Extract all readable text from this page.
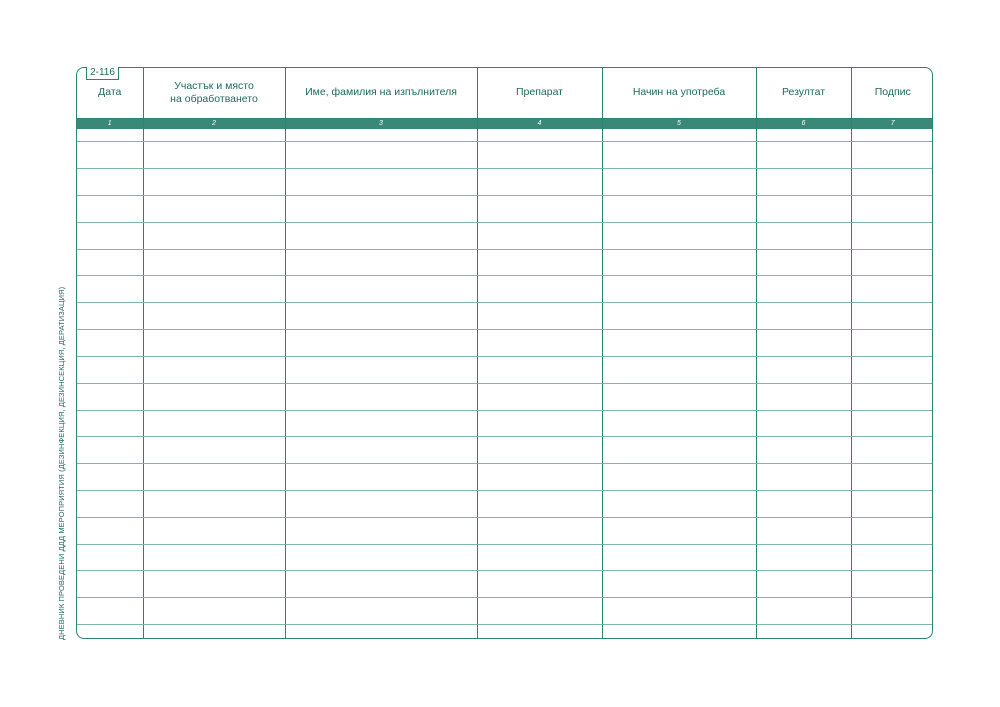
2-116
Дата	Участък и място на обработването	Име, фамилия на изпълнителя	Препарат	Начин на употреба	Резултат	Подпис
1	2	3	4	5	6	7

ДНЕВНИК ПРОВЕДЕНИ ДДД МЕРОПРИЯТИЯ (ДЕЗИНФЕКЦИЯ, ДЕЗИНСЕКЦИЯ, ДЕРАТИЗАЦИЯ)
